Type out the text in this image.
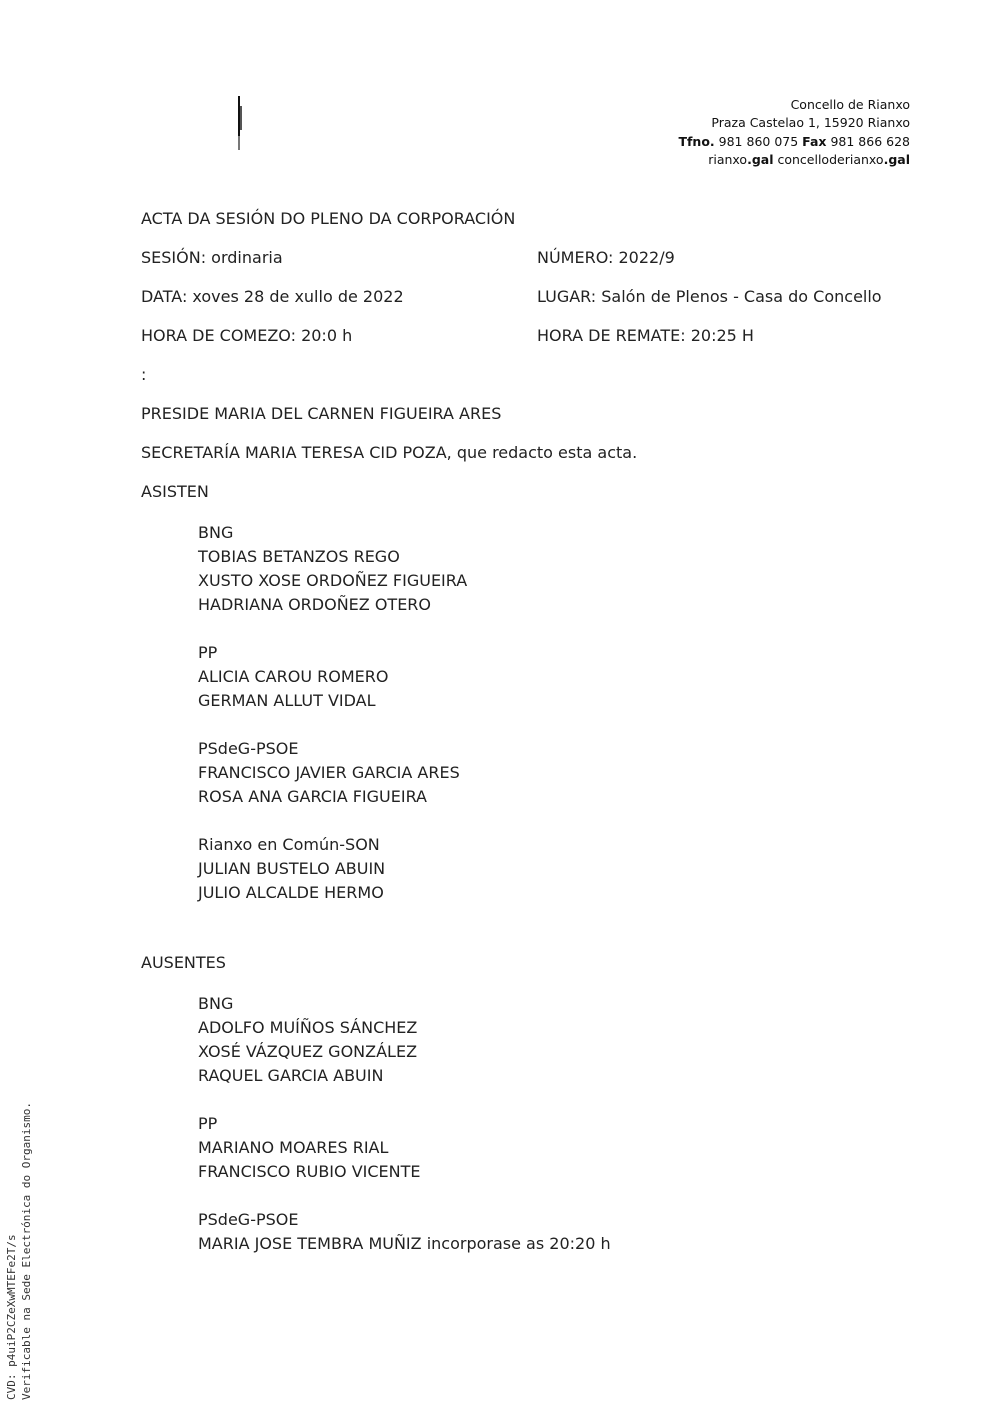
Concello de Rianxo
Praza Castelao 1, 15920 Rianxo
Tfno. 981 860 075 Fax 981 866 628
rianxo.gal concelloderianxo.gal
ACTA DA SESIÓN DO PLENO DA CORPORACIÓN
SESIÓN: ordinaria	NÚMERO: 2022/9
DATA: xoves 28 de xullo de 2022	LUGAR: Salón de Plenos - Casa do Concello
HORA DE COMEZO: 20:0 h	HORA DE REMATE: 20:25 H
:
PRESIDE MARIA DEL CARNEN FIGUEIRA ARES
SECRETARÍA MARIA TERESA CID POZA, que redacto esta acta.
ASISTEN
BNG
TOBIAS BETANZOS REGO
XUSTO XOSE ORDOÑEZ FIGUEIRA
HADRIANA ORDOÑEZ OTERO
PP
ALICIA CAROU ROMERO
GERMAN ALLUT VIDAL
PSdeG-PSOE
FRANCISCO JAVIER GARCIA ARES
ROSA ANA GARCIA FIGUEIRA
Rianxo en Común-SON
JULIAN BUSTELO ABUIN
JULIO ALCALDE HERMO
AUSENTES
BNG
ADOLFO MUÍÑOS SÁNCHEZ
XOSÉ VÁZQUEZ GONZÁLEZ
RAQUEL GARCIA ABUIN
PP
MARIANO MOARES RIAL
FRANCISCO RUBIO VICENTE
PSdeG-PSOE
MARIA JOSE TEMBRA MUÑIZ incorporase as 20:20 h
CVD: p4uiP2CZeXwMTEFe2T/s Verificable na Sede Electrónica do Organismo.
